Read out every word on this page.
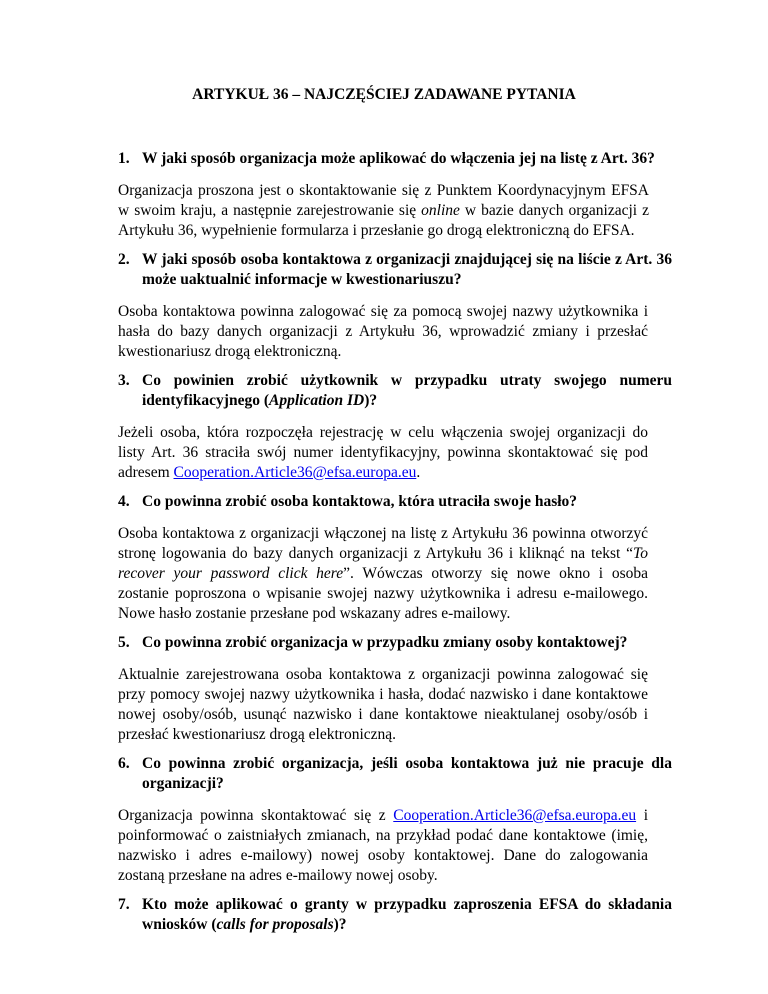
ARTYKUŁ 36 – NAJCZĘŚCIEJ ZADAWANE PYTANIA
1. W jaki sposób organizacja może aplikować do włączenia jej na listę z Art. 36?
Organizacja proszona jest o skontaktowanie się z Punktem Koordynacyjnym EFSA w swoim kraju, a następnie zarejestrowanie się online w bazie danych organizacji z Artykułu 36, wypełnienie formularza i przesłanie go drogą elektroniczną do EFSA.
2. W jaki sposób osoba kontaktowa z organizacji znajdującej się na liście z Art. 36 może uaktualnić informacje w kwestionariuszu?
Osoba kontaktowa powinna zalogować się za pomocą swojej nazwy użytkownika i hasła do bazy danych organizacji z Artykułu 36, wprowadzić zmiany i przesłać kwestionariusz drogą elektroniczną.
3. Co powinien zrobić użytkownik w przypadku utraty swojego numeru identyfikacyjnego (Application ID)?
Jeżeli osoba, która rozpoczęła rejestrację w celu włączenia swojej organizacji do listy Art. 36 straciła swój numer identyfikacyjny, powinna skontaktować się pod adresem Cooperation.Article36@efsa.europa.eu.
4. Co powinna zrobić osoba kontaktowa, która utraciła swoje hasło?
Osoba kontaktowa z organizacji włączonej na listę z Artykułu 36 powinna otworzyć stronę logowania do bazy danych organizacji z Artykułu 36 i kliknąć na tekst “To recover your password click here”. Wówczas otworzy się nowe okno i osoba zostanie poproszona o wpisanie swojej nazwy użytkownika i adresu e-mailowego. Nowe hasło zostanie przesłane pod wskazany adres e-mailowy.
5. Co powinna zrobić organizacja w przypadku zmiany osoby kontaktowej?
Aktualnie zarejestrowana osoba kontaktowa z organizacji powinna zalogować się przy pomocy swojej nazwy użytkownika i hasła, dodać nazwisko i dane kontaktowe nowej osoby/osób, usunąć nazwisko i dane kontaktowe nieaktulanej osoby/osób i przesłać kwestionariusz drogą elektroniczną.
6. Co powinna zrobić organizacja, jeśli osoba kontaktowa już nie pracuje dla organizacji?
Organizacja powinna skontaktować się z Cooperation.Article36@efsa.europa.eu i poinformować o zaistniałych zmianach, na przykład podać dane kontaktowe (imię, nazwisko i adres e-mailowy) nowej osoby kontaktowej. Dane do zalogowania zostaną przesłane na adres e-mailowy nowej osoby.
7. Kto może aplikować o granty w przypadku zaproszenia EFSA do składania wniosków (calls for proposals)?
